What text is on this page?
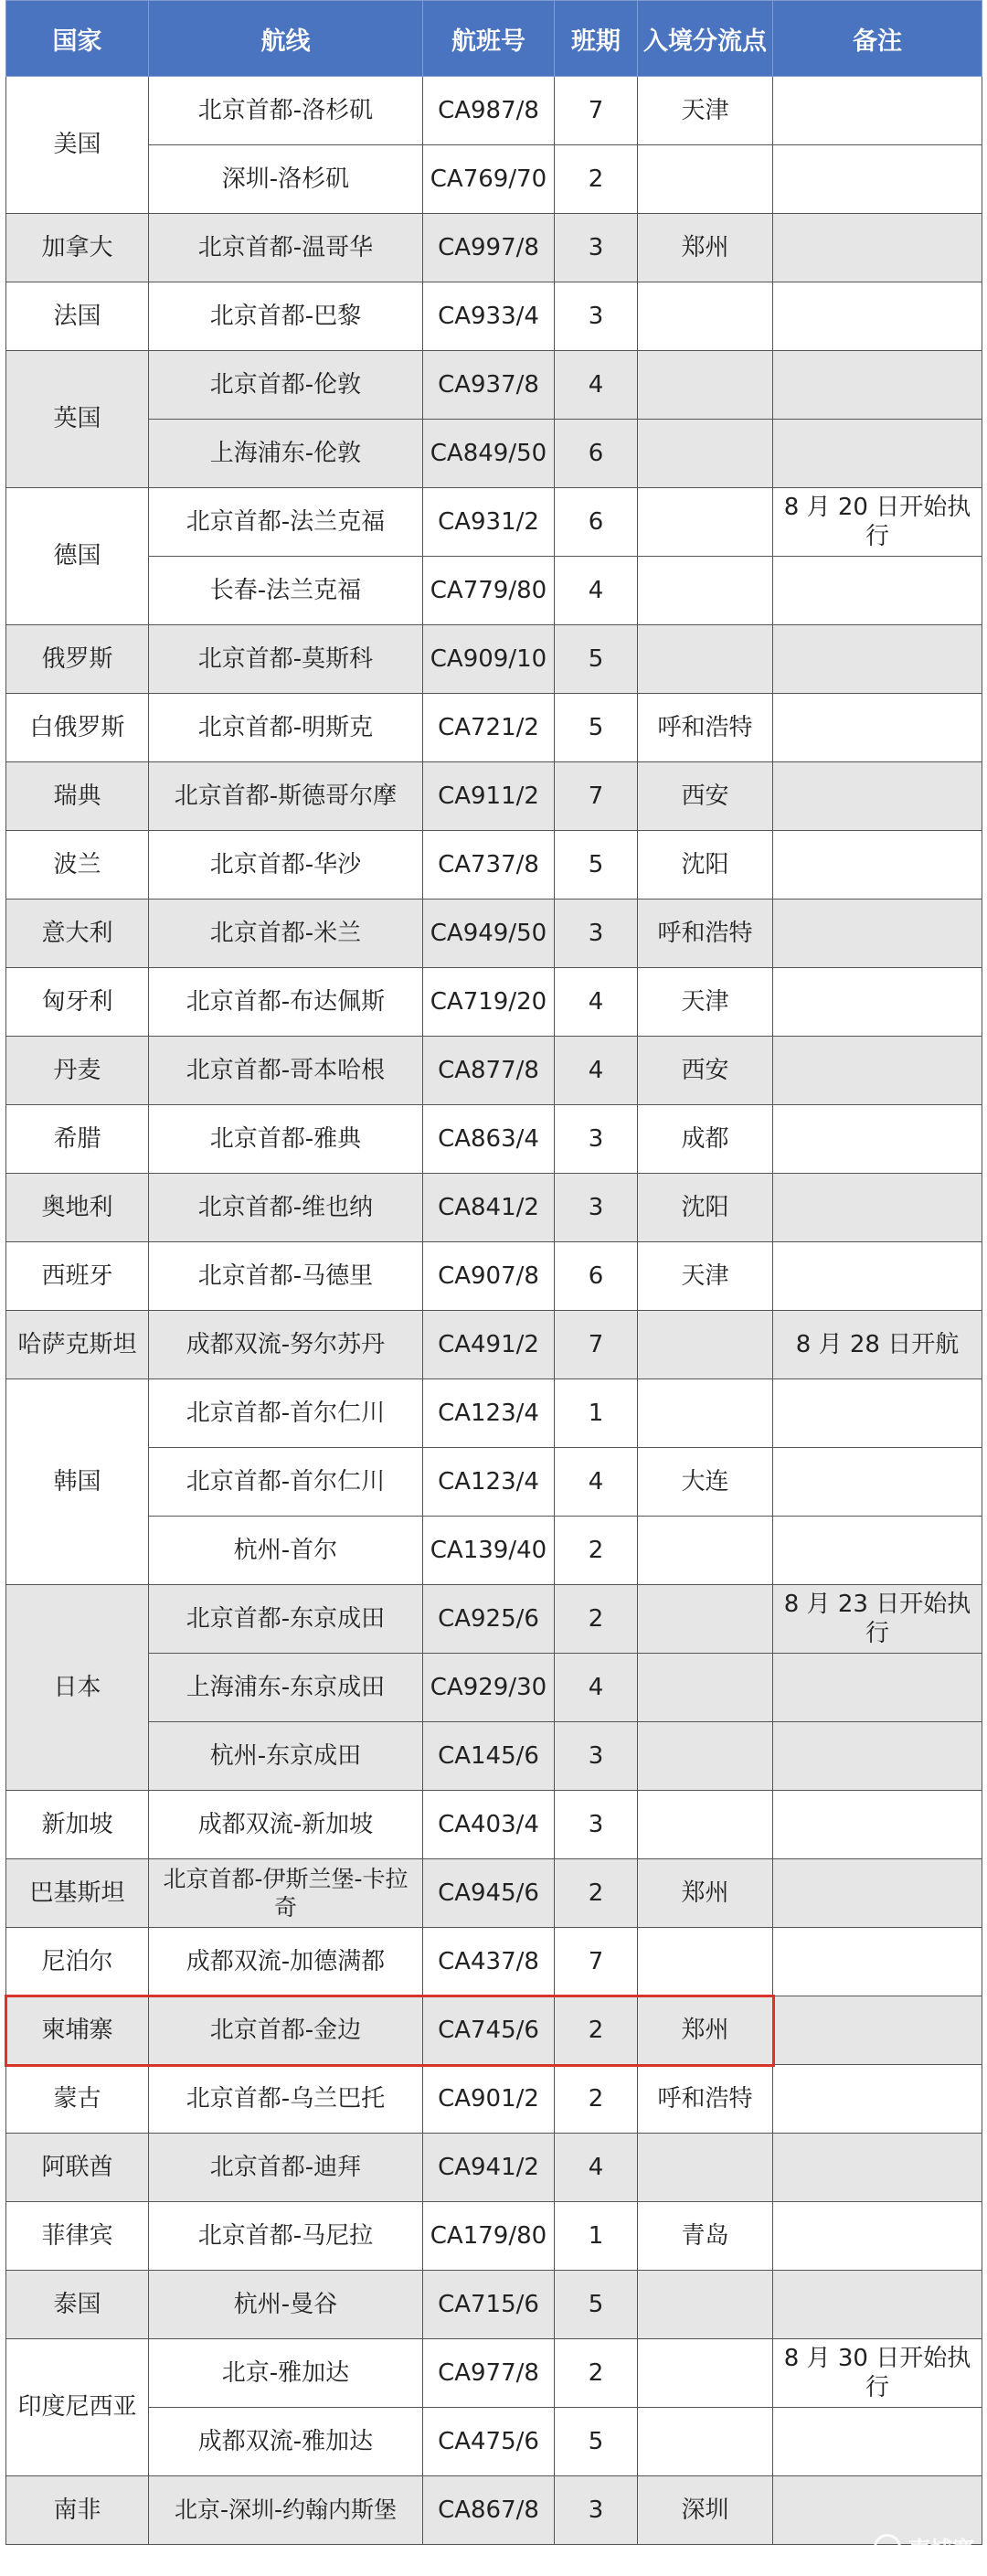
国家	航线	航班号	班期	入境分流点	备注
美国	北京首都-洛杉矶	CA987/8	7	天津	
	深圳-洛杉矶	CA769/70	2		
加拿大	北京首都-温哥华	CA997/8	3	郑州	
法国	北京首都-巴黎	CA933/4	3		
英国	北京首都-伦敦	CA937/8	4		
	上海浦东-伦敦	CA849/50	6		
德国	北京首都-法兰克福	CA931/2	6		8 月 20 日开始执行
	长春-法兰克福	CA779/80	4		
俄罗斯	北京首都-莫斯科	CA909/10	5		
白俄罗斯	北京首都-明斯克	CA721/2	5	呼和浩特	
瑞典	北京首都-斯德哥尔摩	CA911/2	7	西安	
波兰	北京首都-华沙	CA737/8	5	沈阳	
意大利	北京首都-米兰	CA949/50	3	呼和浩特	
匈牙利	北京首都-布达佩斯	CA719/20	4	天津	
丹麦	北京首都-哥本哈根	CA877/8	4	西安	
希腊	北京首都-雅典	CA863/4	3	成都	
奥地利	北京首都-维也纳	CA841/2	3	沈阳	
西班牙	北京首都-马德里	CA907/8	6	天津	
哈萨克斯坦	成都双流-努尔苏丹	CA491/2	7		8 月 28 日开航
韩国	北京首都-首尔仁川	CA123/4	1		
	北京首都-首尔仁川	CA123/4	4	大连	
	杭州-首尔	CA139/40	2		
日本	北京首都-东京成田	CA925/6	2		8 月 23 日开始执行
	上海浦东-东京成田	CA929/30	4		
	杭州-东京成田	CA145/6	3		
新加坡	成都双流-新加坡	CA403/4	3		
巴基斯坦	北京首都-伊斯兰堡-卡拉奇	CA945/6	2	郑州	
尼泊尔	成都双流-加德满都	CA437/8	7		
柬埔寨	北京首都-金边	CA745/6	2	郑州	
蒙古	北京首都-乌兰巴托	CA901/2	2	呼和浩特	
阿联酋	北京首都-迪拜	CA941/2	4		
菲律宾	北京首都-马尼拉	CA179/80	1	青岛	
泰国	杭州-曼谷	CA715/6	5		
印度尼西亚	北京-雅加达	CA977/8	2		8 月 30 日开始执行
	成都双流-雅加达	CA475/6	5		
南非	北京-深圳-约翰内斯堡	CA867/8	3	深圳	
柬埔寨
